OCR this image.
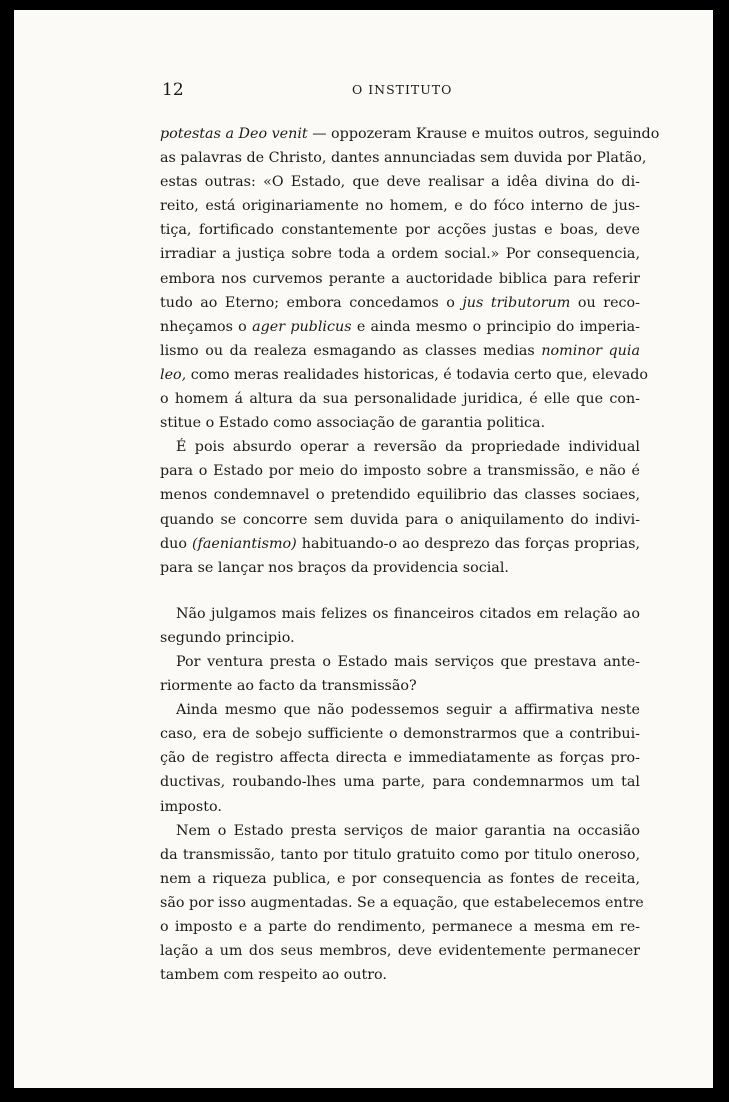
12	O INSTITUTO
potestas a Deo venit — oppozeram Krause e muitos outros, seguindo
as palavras de Christo, dantes annunciadas sem duvida por Platão,
estas outras: «O Estado, que deve realisar a idêa divina do di-
reito, está originariamente no homem, e do fóco interno de jus-
tiça, fortificado constantemente por acções justas e boas, deve
irradiar a justiça sobre toda a ordem social.» Por consequencia,
embora nos curvemos perante a auctoridade biblica para referir
tudo ao Eterno; embora concedamos o jus tributorum ou reco-
nheçamos o ager publicus e ainda mesmo o principio do imperia-
lismo ou da realeza esmagando as classes medias nominor quia
leo, como meras realidades historicas, é todavia certo que, elevado
o homem á altura da sua personalidade juridica, é elle que con-
stitue o Estado como associação de garantia politica.
É pois absurdo operar a reversão da propriedade individual
para o Estado por meio do imposto sobre a transmissão, e não é
menos condemnavel o pretendido equilibrio das classes sociaes,
quando se concorre sem duvida para o aniquilamento do indivi-
duo (faeniantismo) habituando-o ao desprezo das forças proprias,
para se lançar nos braços da providencia social.
Não julgamos mais felizes os financeiros citados em relação ao
segundo principio.
Por ventura presta o Estado mais serviços que prestava ante-
riormente ao facto da transmissão?
Ainda mesmo que não podessemos seguir a affirmativa neste
caso, era de sobejo sufficiente o demonstrarmos que a contribui-
ção de registro affecta directa e immediatamente as forças pro-
ductivas, roubando-lhes uma parte, para condemnarmos um tal
imposto.
Nem o Estado presta serviços de maior garantia na occasião
da transmissão, tanto por titulo gratuito como por titulo oneroso,
nem a riqueza publica, e por consequencia as fontes de receita,
são por isso augmentadas. Se a equação, que estabelecemos entre
o imposto e a parte do rendimento, permanece a mesma em re-
lação a um dos seus membros, deve evidentemente permanecer
tambem com respeito ao outro.
